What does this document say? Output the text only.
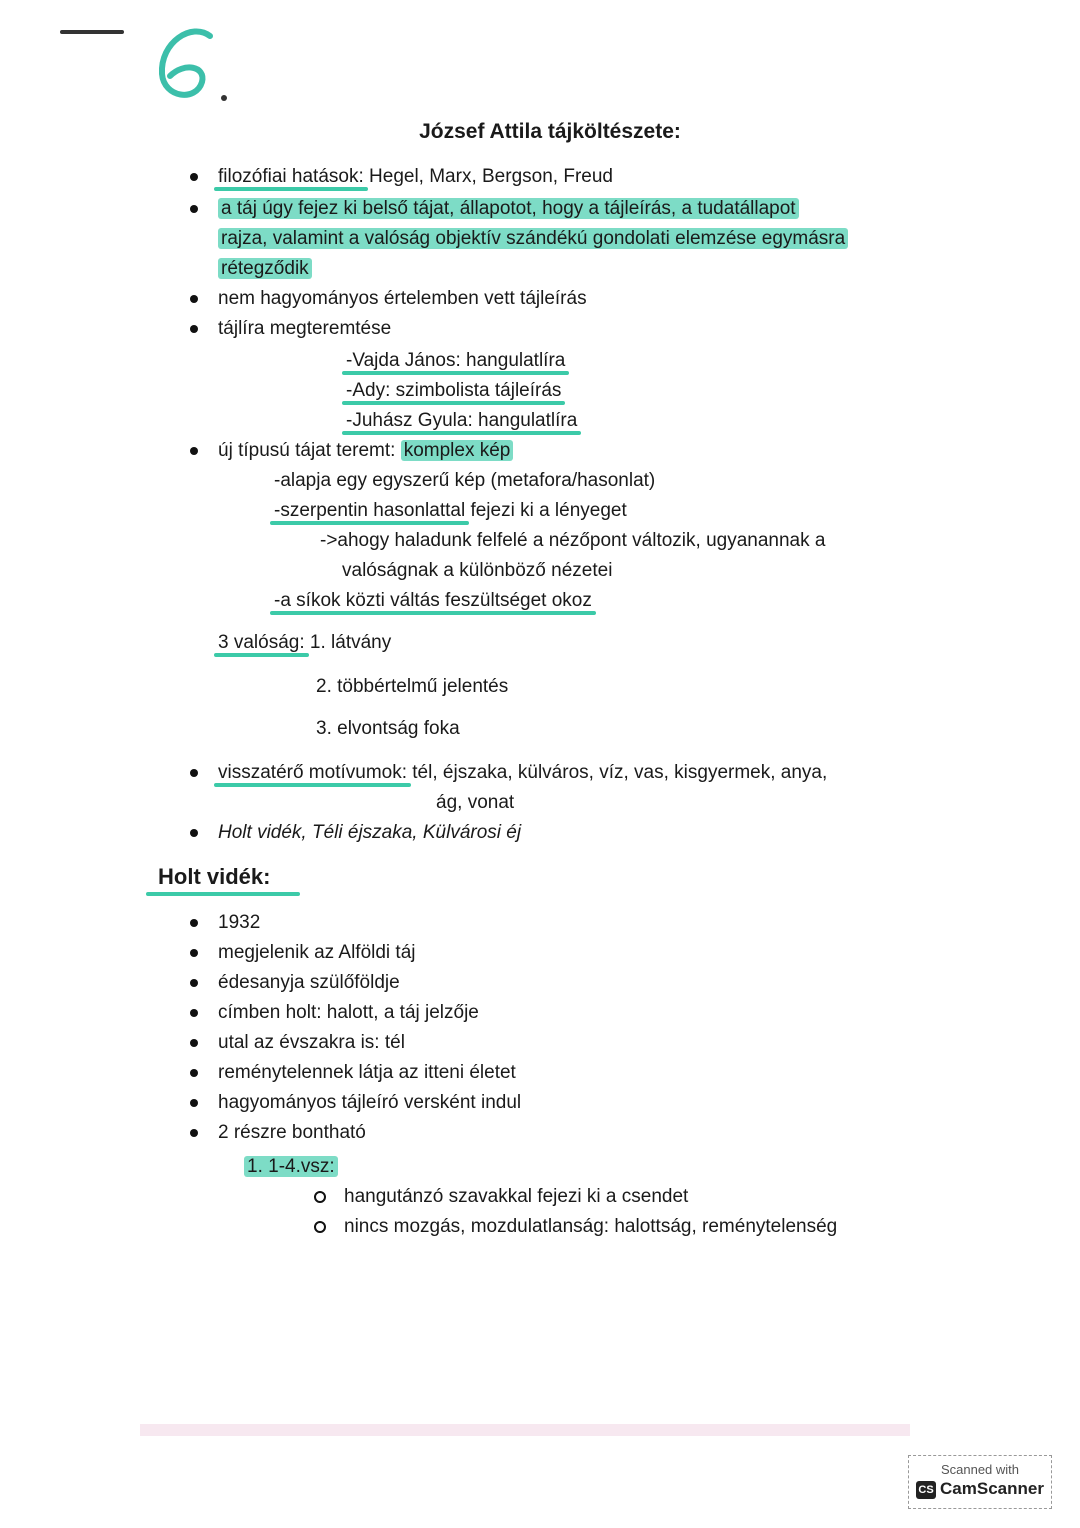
József Attila tájköltészete:
filozófiai hatások: Hegel, Marx, Bergson, Freud
a táj úgy fejez ki belső tájat, állapotot, hogy a tájleírás, a tudatállapot
rajza, valamint a valóság objektív szándékú gondolati elemzése egymásra
rétegződik
nem hagyományos értelemben vett tájleírás
tájlíra megteremtése
-Vajda János: hangulatlíra
-Ady: szimbolista tájleírás
-Juhász Gyula: hangulatlíra
új típusú tájat teremt: komplex kép
-alapja egy egyszerű kép (metafora/hasonlat)
-szerpentin hasonlattal fejezi ki a lényeget
->ahogy haladunk felfelé a nézőpont változik, ugyanannak a
valóságnak a különböző nézetei
-a síkok közti váltás feszültséget okoz
3 valóság: 1. látvány
2. többértelmű jelentés
3. elvontság foka
visszatérő motívumok: tél, éjszaka, külváros, víz, vas, kisgyermek, anya,
ág, vonat
Holt vidék, Téli éjszaka, Külvárosi éj
Holt vidék:
1932
megjelenik az Alföldi táj
édesanyja szülőföldje
címben holt: halott, a táj jelzője
utal az évszakra is: tél
reménytelennek látja az itteni életet
hagyományos tájleíró versként indul
2 részre bontható
1. 1-4.vsz:
hangutánzó szavakkal fejezi ki a csendet
nincs mozgás, mozdulatlanság: halottság, reménytelenség
Scanned with
CS CamScanner
